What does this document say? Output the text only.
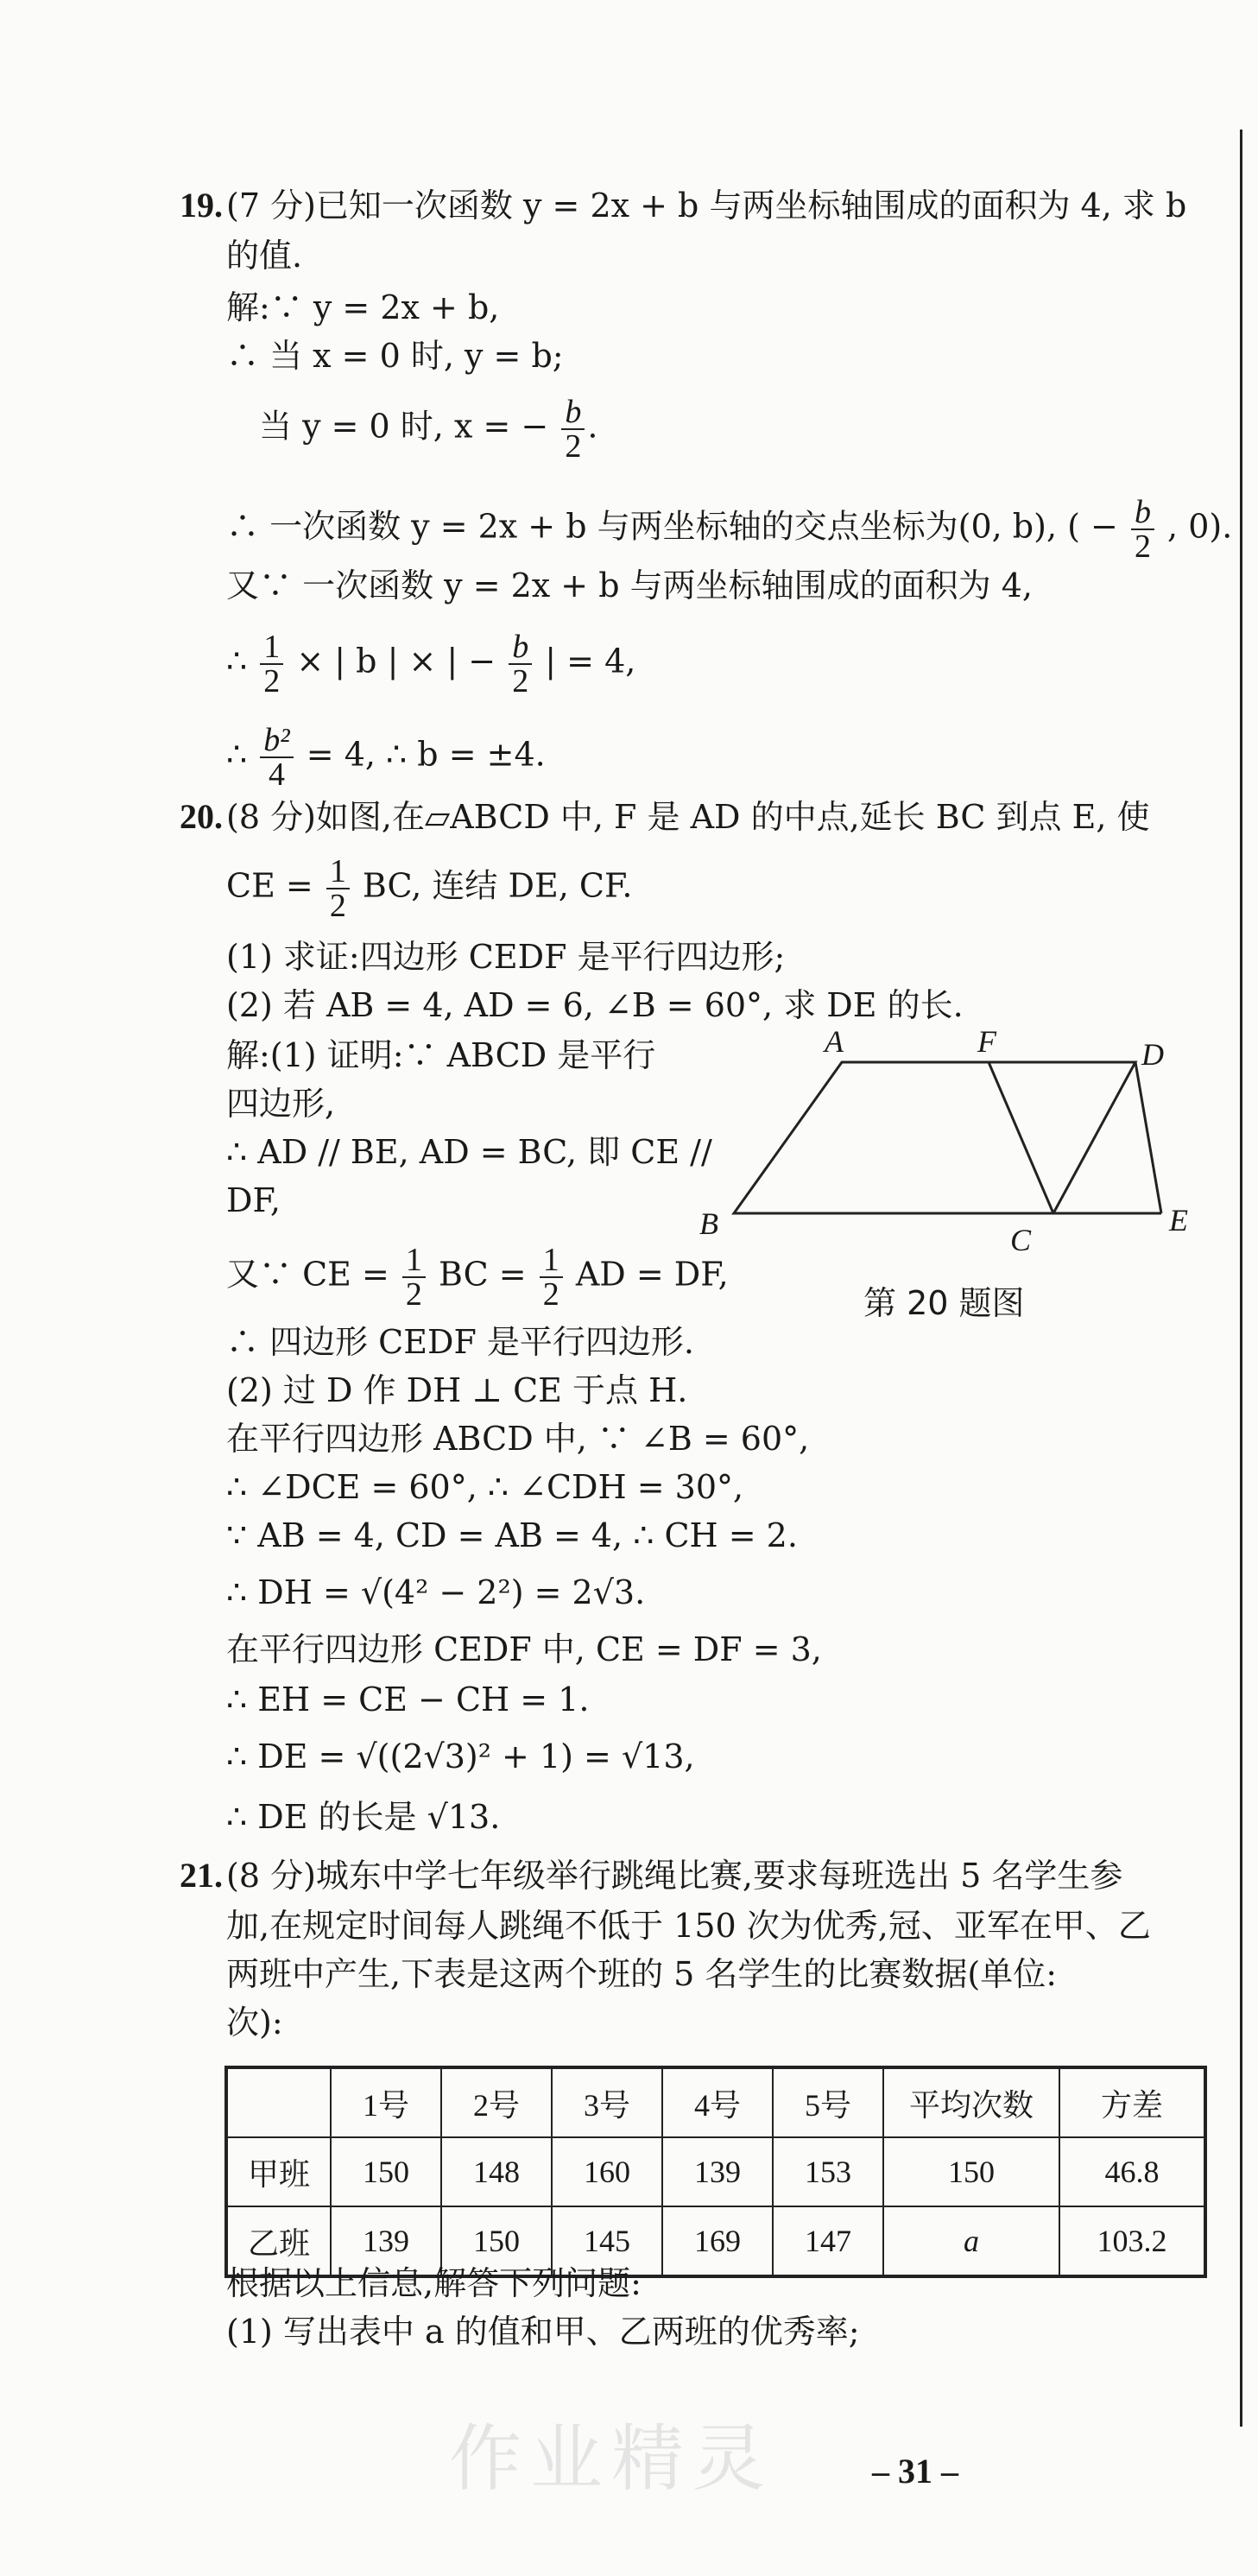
19. (7 分)已知一次函数 y = 2x + b 与两坐标轴围成的面积为 4, 求 b
的值.
解:∵ y = 2x + b,
∴ 当 x = 0 时, y = b;
当 y = 0 时, x = − $\frac{b}{2}$ .
∴ 一次函数 y = 2x + b 与两坐标轴的交点坐标为(0, b), ( − $\frac{b}{2}$ , 0).
又∵ 一次函数 y = 2x + b 与两坐标轴围成的面积为 4,
∴ $\frac{1}{2}$ × | b | × | − $\frac{b}{2}$ | = 4,
∴ $\frac{\text{b²}}{4} = 4$, ∴ b = ±4.
20. (8 分)如图,在▱ABCD 中, F 是 AD 的中点,延长 BC 到点 E, 使
CE = $\frac{1}{2}$ BC, 连结 DE, CF.
(1) 求证:四边形 CEDF 是平行四边形;
(2) 若 AB = 4, AD = 6, ∠B = 60°, 求 DE 的长.
解:(1) 证明:∵ ABCD 是平行
四边形,
∴ AD // BE, AD = BC, 即 CE //
DF,
又∵ CE = $\frac{1}{2}$ BC = $\frac{1}{2}$ AD = DF,
∴ 四边形 CEDF 是平行四边形.
(2) 过 D 作 DH ⊥ CE 于点 H.
在平行四边形 ABCD 中, ∵ ∠B = 60°,
∴ ∠DCE = 60°, ∴ ∠CDH = 30°,
∵ AB = 4, CD = AB = 4, ∴ CH = 2.
∴ DH = √(4² − 2²) = 2√3.
在平行四边形 CEDF 中, CE = DF = 3,
∴ EH = CE − CH = 1.
∴ DE = √((2√3)² + 1) = √13,
∴ DE 的长是 √13.
A	F	D
B	C
E
第 20 题图
21. (8 分)城东中学七年级举行跳绳比赛,要求每班选出 5 名学生参
加,在规定时间每人跳绳不低于 150 次为优秀,冠、亚军在甲、乙
两班中产生,下表是这两个班的 5 名学生的比赛数据(单位:
次):
	1号	2号	3号	4号	5号	平均次数	方差
甲班	150	148	160	139	153	150	46.8
乙班	139	150	145	169	147	a	103.2
根据以上信息,解答下列问题:
(1) 写出表中 a 的值和甲、乙两班的优秀率;
作业精灵	– 31 –
